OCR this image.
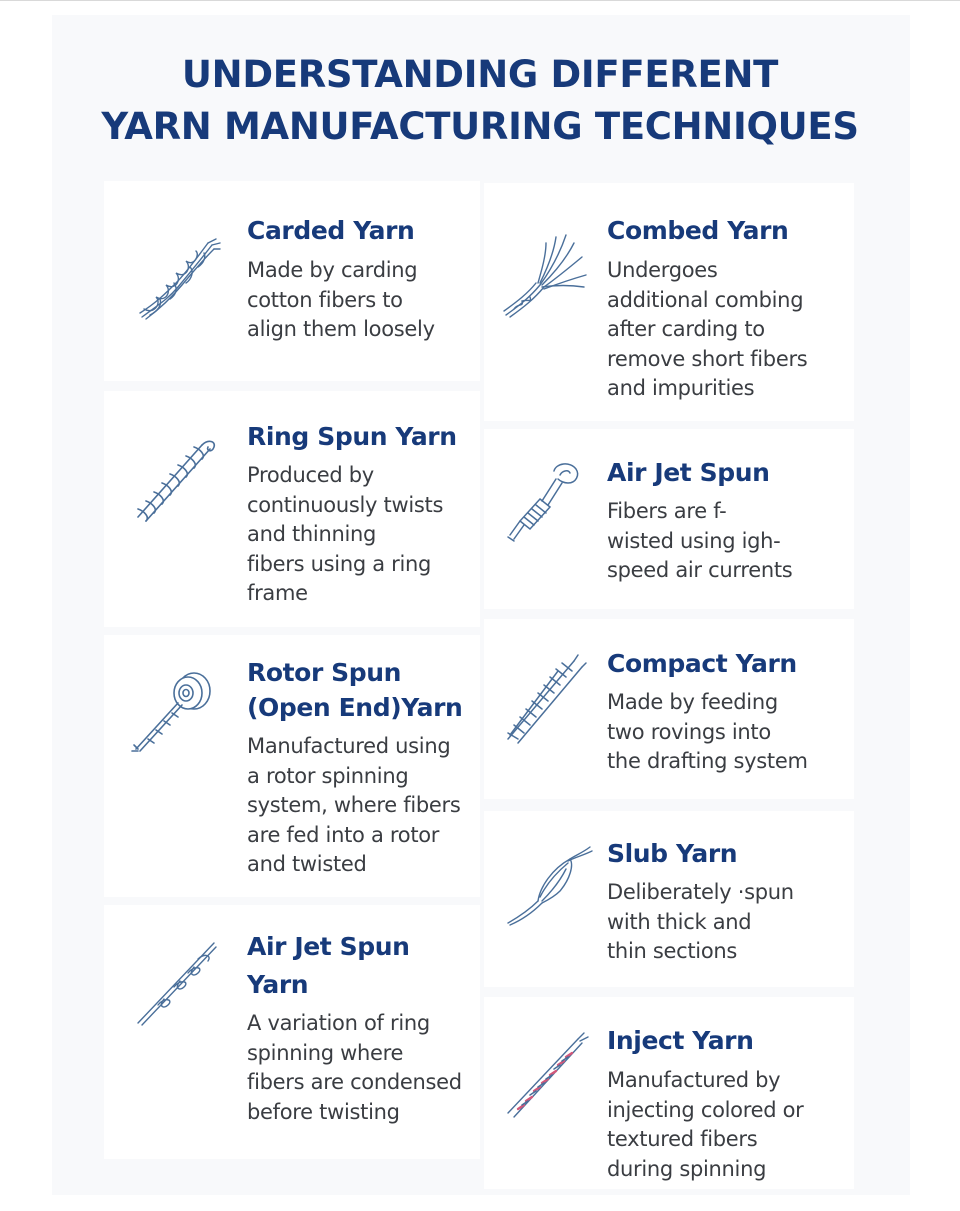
UNDERSTANDING DIFFERENT
YARN MANUFACTURING TECHNIQUES
Carded Yarn

Made by carding
cotton fibers to
align them loosely

Ring Spun Yarn

Produced by
continuously twists
and thinning
fibers using a ring
frame

Rotor Spun
(Open End)Yarn

Manufactured using
a rotor spinning
system, where fibers
are fed into a rotor
and twisted

Air Jet Spun
Yarn

A variation of ring
spinning where
fibers are condensed
before twisting

Combed Yarn

Undergoes
additional combing
after carding to
remove short fibers
and impurities

Air Jet Spun

Fibers are f-
wisted using igh-
speed air currents

Compact Yarn

Made by feeding
two rovings into
the drafting system

Slub Yarn

Deliberately ·spun
with thick and
thin sections

Inject Yarn

Manufactured by
injecting colored or
textured fibers
during spinning
